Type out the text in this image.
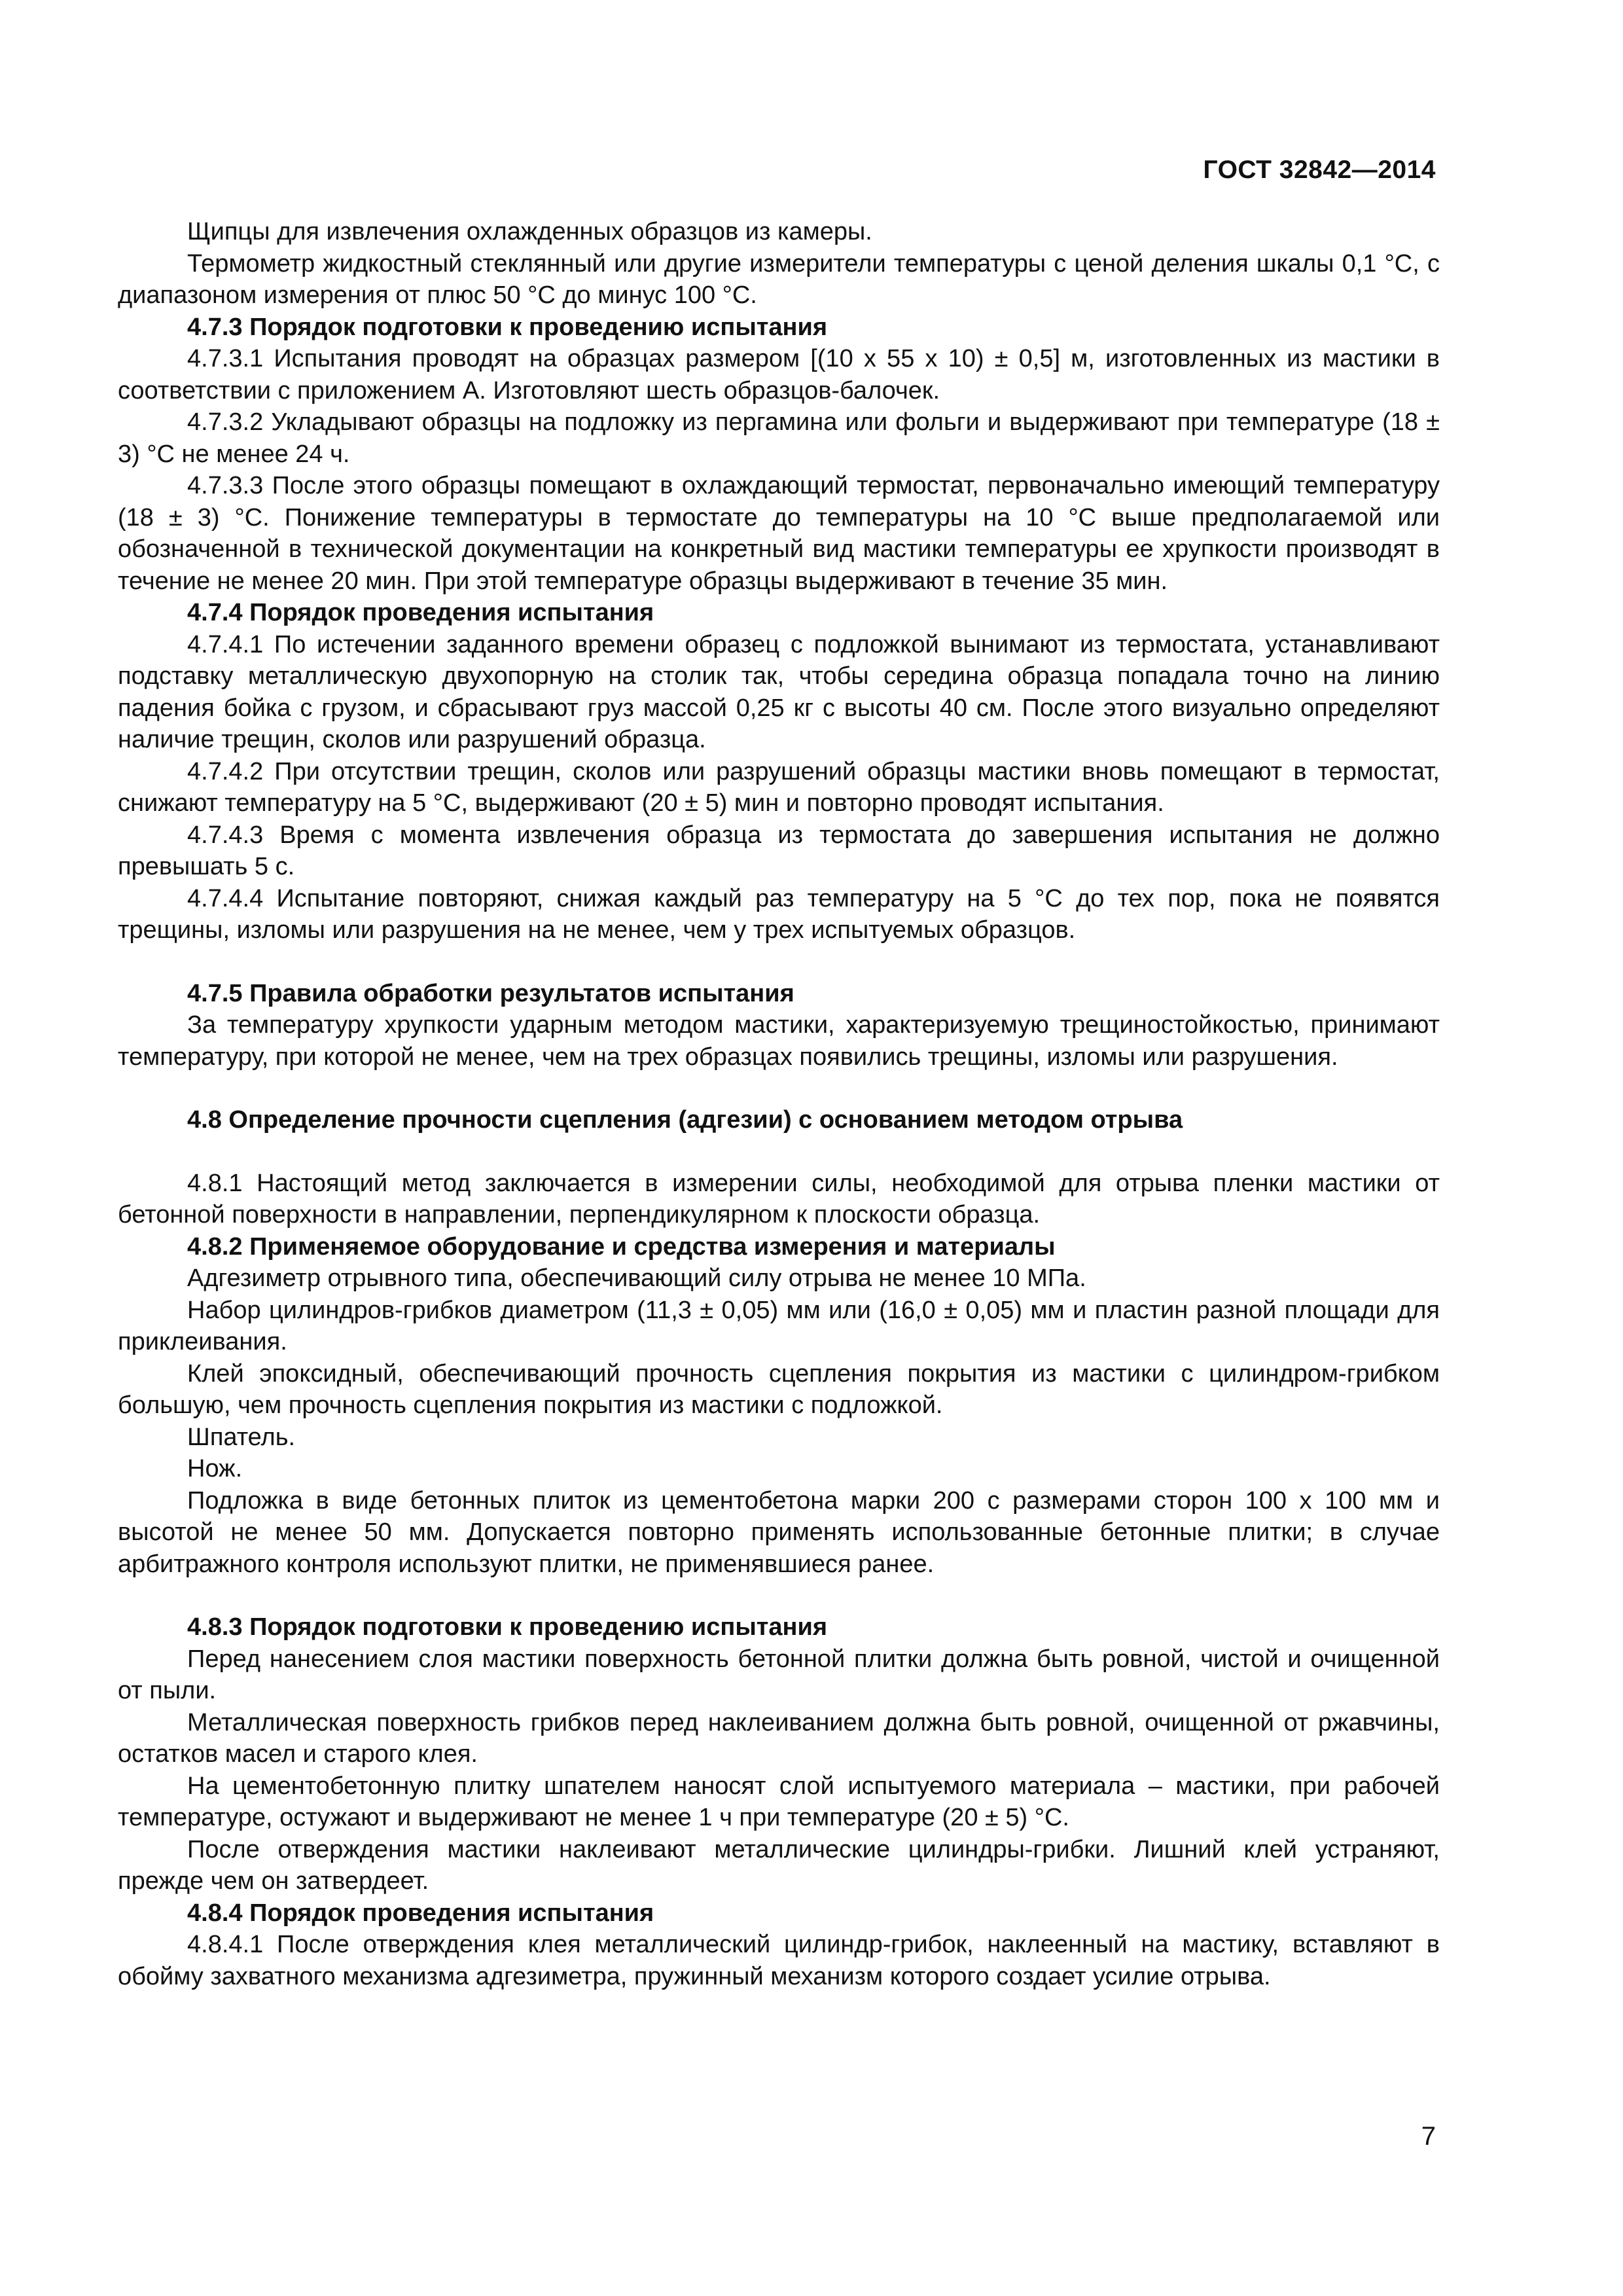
ГОСТ 32842—2014

Щипцы для извлечения охлажденных образцов из камеры.

Термометр жидкостный стеклянный или другие измерители температуры с ценой деления шкалы 0,1 °С, с диапазоном измерения от плюс 50 °С до минус 100 °С.

4.7.3 Порядок подготовки к проведению испытания

4.7.3.1 Испытания проводят на образцах размером [(10 х 55 х 10) ± 0,5] м, изготовленных из мастики в соответствии с приложением А. Изготовляют шесть образцов-балочек.

4.7.3.2 Укладывают образцы на подложку из пергамина или фольги и выдерживают при температуре (18 ± 3) °С не менее 24 ч.

4.7.3.3 После этого образцы помещают в охлаждающий термостат, первоначально имеющий температуру (18 ± 3) °С. Понижение температуры в термостате до температуры на 10 °С выше предполагаемой или обозначенной в технической документации на конкретный вид мастики температуры ее хрупкости производят в течение не менее 20 мин. При этой температуре образцы выдерживают в течение 35 мин.

4.7.4 Порядок проведения испытания

4.7.4.1 По истечении заданного времени образец с подложкой вынимают из термостата, устанавливают подставку металлическую двухопорную на столик так, чтобы середина образца попадала точно на линию падения бойка с грузом, и сбрасывают груз массой 0,25 кг с высоты 40 см. После этого визуально определяют наличие трещин, сколов или разрушений образца.

4.7.4.2 При отсутствии трещин, сколов или разрушений образцы мастики вновь помещают в термостат, снижают температуру на 5 °С, выдерживают (20 ± 5) мин и повторно проводят испытания.

4.7.4.3 Время с момента извлечения образца из термостата до завершения испытания не должно превышать 5 с.

4.7.4.4 Испытание повторяют, снижая каждый раз температуру на 5 °С до тех пор, пока не появятся трещины, изломы или разрушения на не менее, чем у трех испытуемых образцов.

4.7.5 Правила обработки результатов испытания

За температуру хрупкости ударным методом мастики, характеризуемую трещиностойкостью, принимают температуру, при которой не менее, чем на трех образцах появились трещины, изломы или разрушения.

4.8 Определение прочности сцепления (адгезии) с основанием методом отрыва

4.8.1 Настоящий метод заключается в измерении силы, необходимой для отрыва пленки мастики от бетонной поверхности в направлении, перпендикулярном к плоскости образца.

4.8.2 Применяемое оборудование и средства измерения и материалы

Адгезиметр отрывного типа, обеспечивающий силу отрыва не менее 10 МПа.

Набор цилиндров-грибков диаметром (11,3 ± 0,05) мм или (16,0 ± 0,05) мм и пластин разной площади для приклеивания.

Клей эпоксидный, обеспечивающий прочность сцепления покрытия из мастики с цилиндром-грибком большую, чем прочность сцепления покрытия из мастики с подложкой.

Шпатель.

Нож.

Подложка в виде бетонных плиток из цементобетона марки 200 с размерами сторон 100 х 100 мм и высотой не менее 50 мм. Допускается повторно применять использованные бетонные плитки; в случае арбитражного контроля используют плитки, не применявшиеся ранее.

4.8.3 Порядок подготовки к проведению испытания

Перед нанесением слоя мастики поверхность бетонной плитки должна быть ровной, чистой и очищенной от пыли.

Металлическая поверхность грибков перед наклеиванием должна быть ровной, очищенной от ржавчины, остатков масел и старого клея.

На цементобетонную плитку шпателем наносят слой испытуемого материала – мастики, при рабочей температуре, остужают и выдерживают не менее 1 ч при температуре (20 ± 5) °С.

После отверждения мастики наклеивают металлические цилиндры-грибки. Лишний клей устраняют, прежде чем он затвердеет.

4.8.4 Порядок проведения испытания

4.8.4.1 После отверждения клея металлический цилиндр-грибок, наклеенный на мастику, вставляют в обойму захватного механизма адгезиметра, пружинный механизм которого создает усилие отрыва.

7
